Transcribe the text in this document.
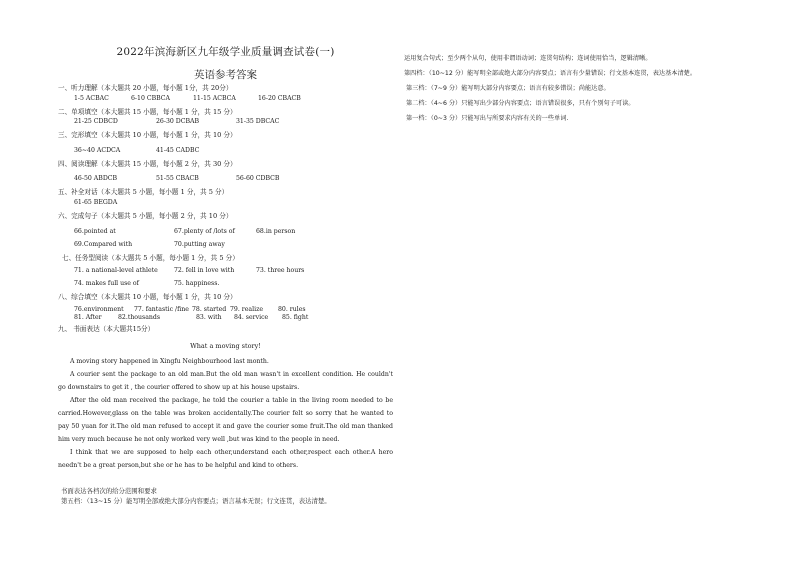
2022年滨海新区九年级学业质量调查试卷(一)
英语参考答案
一、听力理解（本大题共 20 小题，每小题 1分，共 20分）
1-5 ACBAC	6-10 CBBCA	11-15 ACBCA	16-20 CBACB
二、单项填空（本大题共 15 小题，每小题 1 分，共 15 分）
21-25 CDBCD	26-30 DCBAB	31-35 DBCAC
三、完形填空（本大题共 10 小题，每小题 1 分，共 10 分）
36~40 ACDCA	41-45 CADBC
四、阅读理解（本大题共 15 小题，每小题 2 分，共 30 分）
46-50 ABDCB	51-55 CBACB	56-60 CDBCB
五、补全对话（本大题共 5 小题，每小题 1 分，共 5 分）
61-65 BEGDA
六、完成句子（本大题共 5 小题，每小题 2 分，共 10 分）
66.pointed at	67.plenty of /lots of	68.in person
69.Compared with	70.putting away
七、任务型阅读（本大题共 5 小题，每小题 1 分，共 5 分）
71. a national-level athlete	72. fell in love with	73. three hours
74. makes full use of	75. happiness.
八、综合填空（本大题共 10 小题，每小题 1 分，共 10 分）
76.environment 77. fantastic /fine 78. started 79. realize 80. rules
81. After	82.thousands	83. with 84. service 85. fight
九、 书面表达（本大题共15分）
What a moving story!

A moving story happened in Xingfu Neighbourhood last month.

A courier sent the package to an old man.But the old man wasn't in excellent condition. He couldn't go downstairs to get it , the courier offered to show up at his house upstairs.

After the old man received the package, he told the courier a table in the living room needed to be carried.However,glass on the table was broken accidentally.The courier felt so sorry that he wanted to pay 50 yuan for it.The old man refused to accept it and gave the courier some fruit.The old man thanked him very much because he not only worked very well ,but was kind to the people in need.

I think that we are supposed to help each other,understand each other,respect each other.A hero needn't be a great person,but she or he has to be helpful and kind to others.

书面表达各档次的给分范围和要求
第五档：（13~15 分）能写明全部或绝大部分内容要点；语言基本无误；行文连贯，表达清楚。
运用复合句式；至少两个从句，使用非谓语动词；连贯句结构；连词使用恰当，逻辑清晰。
第四档：（10~12 分）能写明全部或绝大部分内容要点；语言有少量错误；行文基本连贯，表达基本清楚。
第三档：（7~9 分）能写明大部分内容要点；语言有较多错误；尚能达意。
第二档：（4~6 分）只能写出少部分内容要点；语言错误很多，只有个别句子可读。
第一档：（0~3 分）只能写出与所要求内容有关的一些单词.
